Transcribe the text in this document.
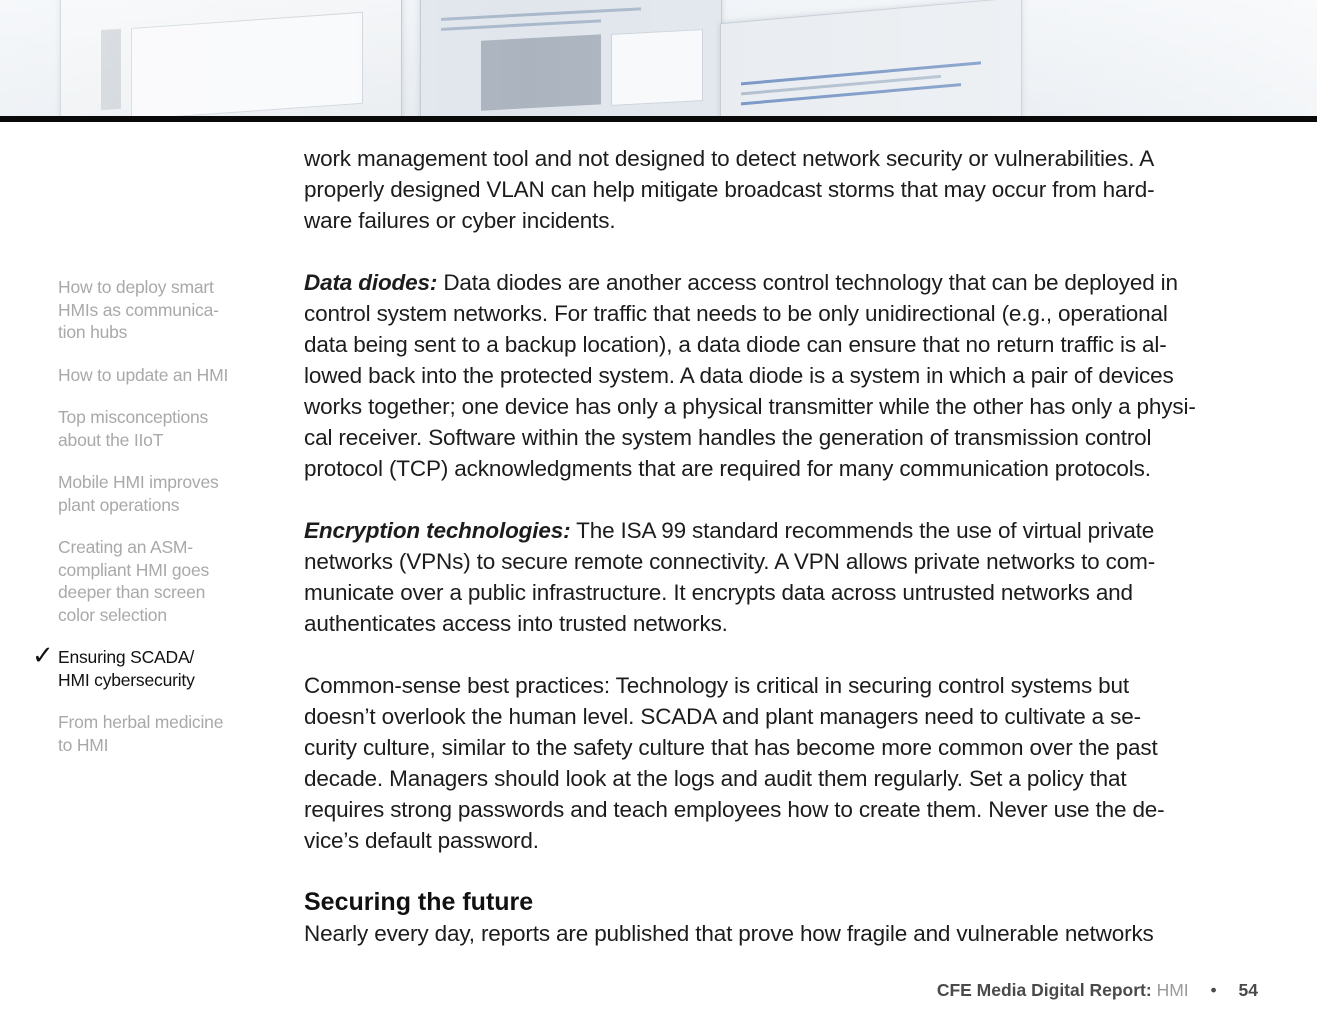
How to deploy smart
HMIs as communica-
tion hubs
How to update an HMI
Top misconceptions
about the IIoT
Mobile HMI improves
plant operations
Creating an ASM-
compliant HMI goes
deeper than screen
color selection
✓ Ensuring SCADA/
HMI cybersecurity
From herbal medicine
to HMI

work management tool and not designed to detect network security or vulnerabilities. A
properly designed VLAN can help mitigate broadcast storms that may occur from hard-
ware failures or cyber incidents.

Data diodes: Data diodes are another access control technology that can be deployed in
control system networks. For traffic that needs to be only unidirectional (e.g., operational
data being sent to a backup location), a data diode can ensure that no return traffic is al-
lowed back into the protected system. A data diode is a system in which a pair of devices
works together; one device has only a physical transmitter while the other has only a physi-
cal receiver. Software within the system handles the generation of transmission control
protocol (TCP) acknowledgments that are required for many communication protocols.

Encryption technologies: The ISA 99 standard recommends the use of virtual private
networks (VPNs) to secure remote connectivity. A VPN allows private networks to com-
municate over a public infrastructure. It encrypts data across untrusted networks and
authenticates access into trusted networks.

Common-sense best practices: Technology is critical in securing control systems but
doesn’t overlook the human level. SCADA and plant managers need to cultivate a se-
curity culture, similar to the safety culture that has become more common over the past
decade. Managers should look at the logs and audit them regularly. Set a policy that
requires strong passwords and teach employees how to create them. Never use the de-
vice’s default password.

Securing the future

Nearly every day, reports are published that prove how fragile and vulnerable networks

CFE Media Digital Report: HMI • 54
